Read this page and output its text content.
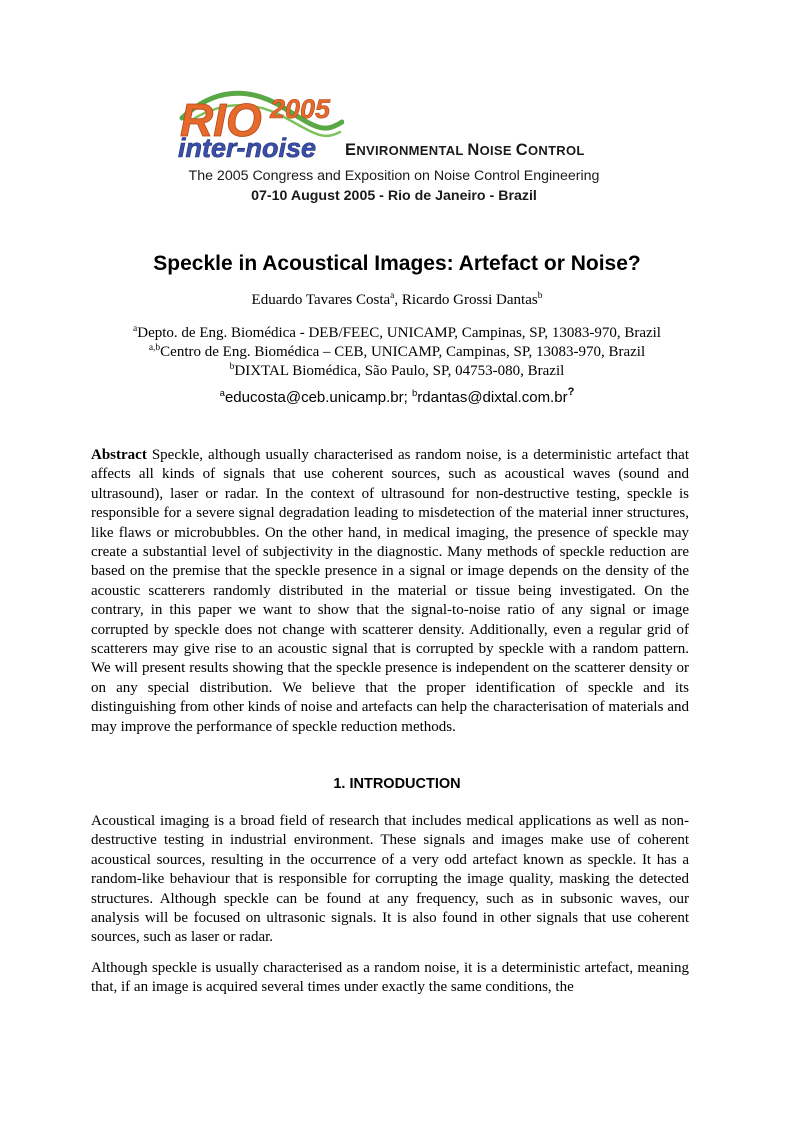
RIO 2005
inter-noise ENVIRONMENTAL NOISE CONTROL
The 2005 Congress and Exposition on Noise Control Engineering
07-10 August 2005 - Rio de Janeiro - Brazil
Speckle in Acoustical Images: Artefact or Noise?
Eduardo Tavares Costa$^a$, Ricardo Grossi Dantas$^b$
$^a$Depto. de Eng. Biomédica - DEB/FEEC, UNICAMP, Campinas, SP, 13083-970, Brazil
$^{a,b}$Centro de Eng. Biomédica – CEB, UNICAMP, Campinas, SP, 13083-970, Brazil
$^b$DIXTAL Biomédica, São Paulo, SP, 04753-080, Brazil
$^a$educosta@ceb.unicamp.br; $^b$rdantas@dixtal.com.br?

Abstract Speckle, although usually characterised as random noise, is a deterministic artefact that affects all kinds of signals that use coherent sources, such as acoustical waves (sound and ultrasound), laser or radar. In the context of ultrasound for non-destructive testing, speckle is responsible for a severe signal degradation leading to misdetection of the material inner structures, like flaws or microbubbles. On the other hand, in medical imaging, the presence of speckle may create a substantial level of subjectivity in the diagnostic. Many methods of speckle reduction are based on the premise that the speckle presence in a signal or image depends on the density of the acoustic scatterers randomly distributed in the material or tissue being investigated. On the contrary, in this paper we want to show that the signal-to-noise ratio of any signal or image corrupted by speckle does not change with scatterer density. Additionally, even a regular grid of scatterers may give rise to an acoustic signal that is corrupted by speckle with a random pattern. We will present results showing that the speckle presence is independent on the scatterer density or on any special distribution. We believe that the proper identification of speckle and its distinguishing from other kinds of noise and artefacts can help the characterisation of materials and may improve the performance of speckle reduction methods.

1. INTRODUCTION

Acoustical imaging is a broad field of research that includes medical applications as well as non-destructive testing in industrial environment. These signals and images make use of coherent acoustical sources, resulting in the occurrence of a very odd artefact known as speckle. It has a random-like behaviour that is responsible for corrupting the image quality, masking the detected structures. Although speckle can be found at any frequency, such as in subsonic waves, our analysis will be focused on ultrasonic signals. It is also found in other signals that use coherent sources, such as laser or radar.

Although speckle is usually characterised as a random noise, it is a deterministic artefact, meaning that, if an image is acquired several times under exactly the same conditions, the
